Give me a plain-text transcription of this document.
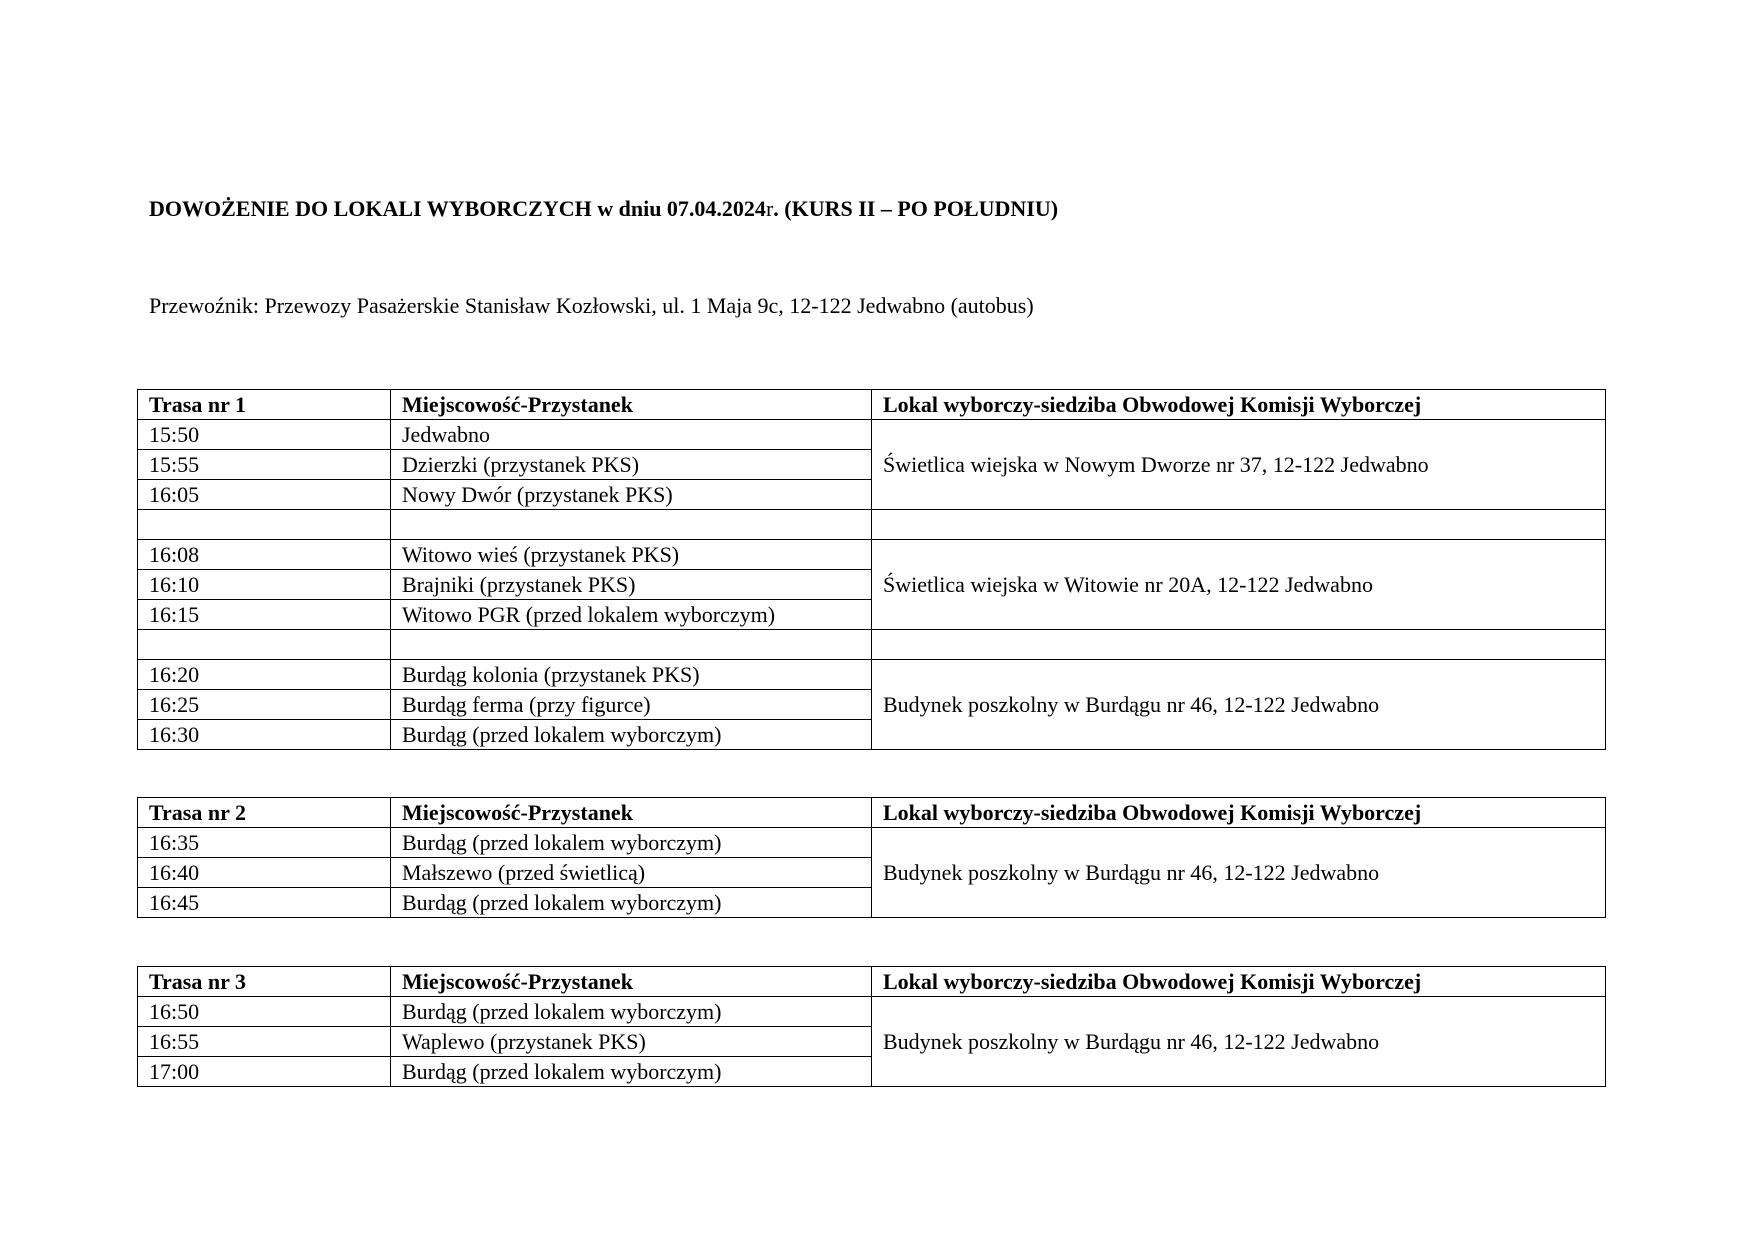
DOWOŻENIE DO LOKALI WYBORCZYCH w dniu 07.04.2024r. (KURS II – PO POŁUDNIU)
Przewoźnik: Przewozy Pasażerskie Stanisław Kozłowski, ul. 1 Maja 9c, 12-122 Jedwabno (autobus)
Trasa nr 1	Miejscowość-Przystanek	Lokal wyborczy-siedziba Obwodowej Komisji Wyborczej
15:50	Jedwabno	Świetlica wiejska w Nowym Dworze nr 37, 12-122 Jedwabno
15:55	Dzierzki (przystanek PKS)	
16:05	Nowy Dwór (przystanek PKS)	

16:08	Witowo wieś (przystanek PKS)	Świetlica wiejska w Witowie nr 20A, 12-122 Jedwabno
16:10	Brajniki (przystanek PKS)	
16:15	Witowo PGR (przed lokalem wyborczym)	

16:20	Burdąg kolonia (przystanek PKS)	Budynek poszkolny w Burdągu nr 46, 12-122 Jedwabno
16:25	Burdąg ferma (przy figurce)	
16:30	Burdąg (przed lokalem wyborczym)	
Trasa nr 2	Miejscowość-Przystanek	Lokal wyborczy-siedziba Obwodowej Komisji Wyborczej
16:35	Burdąg (przed lokalem wyborczym)	Budynek poszkolny w Burdągu nr 46, 12-122 Jedwabno
16:40	Małszewo (przed świetlicą)	
16:45	Burdąg (przed lokalem wyborczym)	
Trasa nr 3	Miejscowość-Przystanek	Lokal wyborczy-siedziba Obwodowej Komisji Wyborczej
16:50	Burdąg (przed lokalem wyborczym)	Budynek poszkolny w Burdągu nr 46, 12-122 Jedwabno
16:55	Waplewo (przystanek PKS)	
17:00	Burdąg (przed lokalem wyborczym)	
